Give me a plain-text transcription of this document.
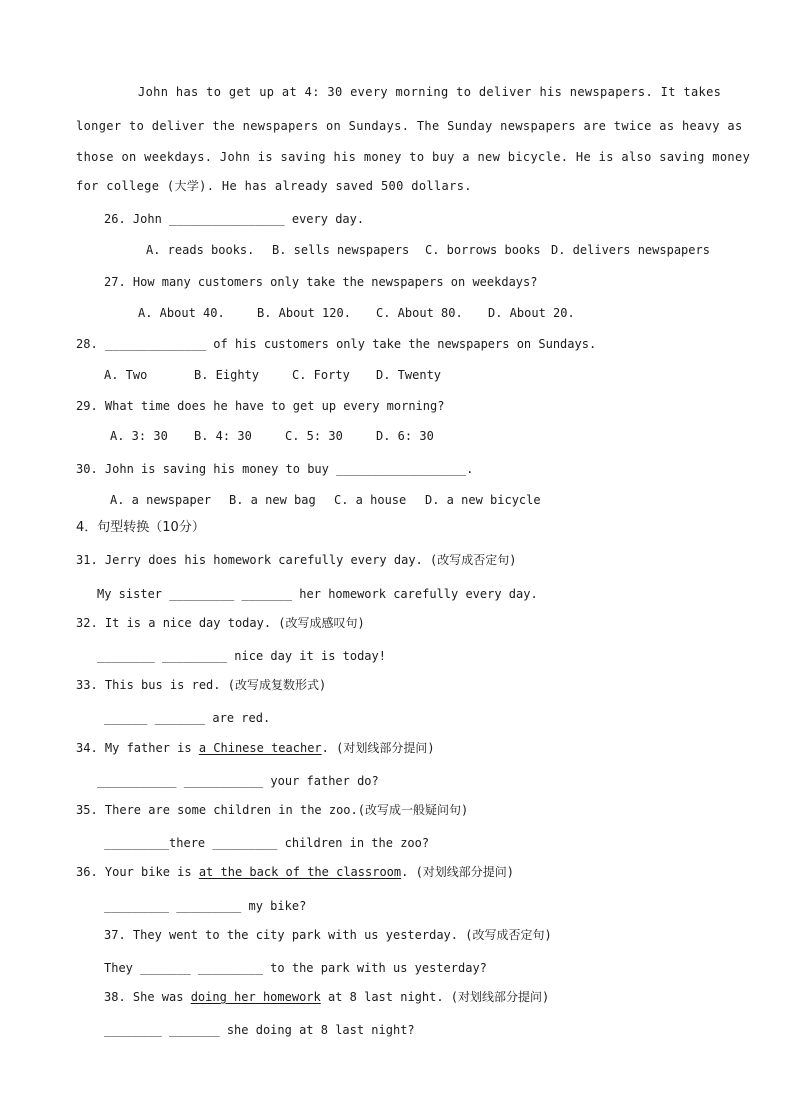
John has to get up at 4: 30 every morning to deliver his newspapers. It takes
longer to deliver the newspapers on Sundays. The Sunday newspapers are twice as heavy as
those on weekdays. John is saving his money to buy a new bicycle. He is also saving money
for college (大学). He has already saved 500 dollars.
26. John ________________ every day.
A. reads books. B. sells newspapers C. borrows books D. delivers newspapers
27. How many customers only take the newspapers on weekdays?
A. About 40.	B. About 120. C. About 80. D. About 20.
28. ______________ of his customers only take the newspapers on Sundays.
A. Two	B. Eighty	C. Forty D. Twenty
29. What time does he have to get up every morning?
A. 3: 30 B. 4: 30	C. 5: 30	D. 6: 30
30. John is saving his money to buy __________________.
A. a newspaper B. a new bag C. a house D. a new bicycle
4．句型转换（10分）
31. Jerry does his homework carefully every day. (改写成否定句)
My sister _________ _______ her homework carefully every day.
32. It is a nice day today. (改写成感叹句)
________ _________ nice day it is today!
33. This bus is red. (改写成复数形式)
______ _______ are red.
34. My father is a Chinese teacher. (对划线部分提问)
___________ ___________ your father do?
35. There are some children in the zoo.(改写成一般疑问句)
_________there _________ children in the zoo?
36. Your bike is at the back of the classroom. (对划线部分提问)
_________ _________ my bike?
37. They went to the city park with us yesterday. (改写成否定句)
They _______ _________ to the park with us yesterday?
38. She was doing her homework at 8 last night. (对划线部分提问)
________ _______ she doing at 8 last night?
